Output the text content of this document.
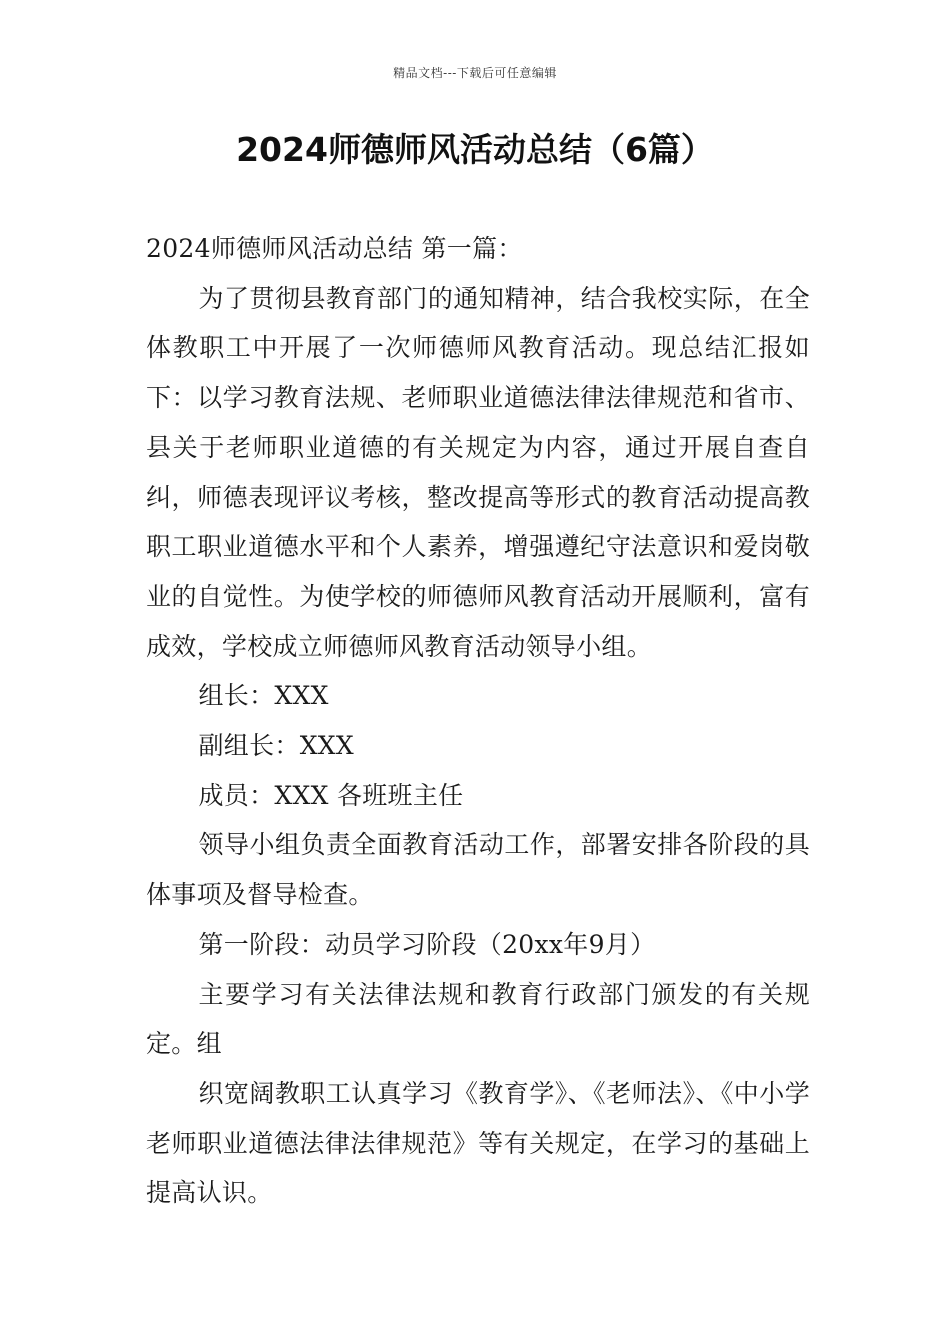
精品文档---下载后可任意编辑
2024师德师风活动总结（6篇）

2024师德师风活动总结 第一篇：

为了贯彻县教育部门的通知精神，结合我校实际，在全体教职工中开展了一次师德师风教育活动。现总结汇报如下：以学习教育法规、老师职业道德法律法律规范和省市、县关于老师职业道德的有关规定为内容，通过开展自查自纠，师德表现评议考核，整改提高等形式的教育活动提高教职工职业道德水平和个人素养，增强遵纪守法意识和爱岗敬业的自觉性。为使学校的师德师风教育活动开展顺利，富有成效，学校成立师德师风教育活动领导小组。

组长：XXX

副组长：XXX

成员：XXX 各班班主任

领导小组负责全面教育活动工作，部署安排各阶段的具体事项及督导检查。

第一阶段：动员学习阶段（20xx年9月）

主要学习有关法律法规和教育行政部门颁发的有关规定。组

织宽阔教职工认真学习《教育学》、《老师法》、《中小学老师职业道德法律法律规范》等有关规定，在学习的基础上提高认识。
